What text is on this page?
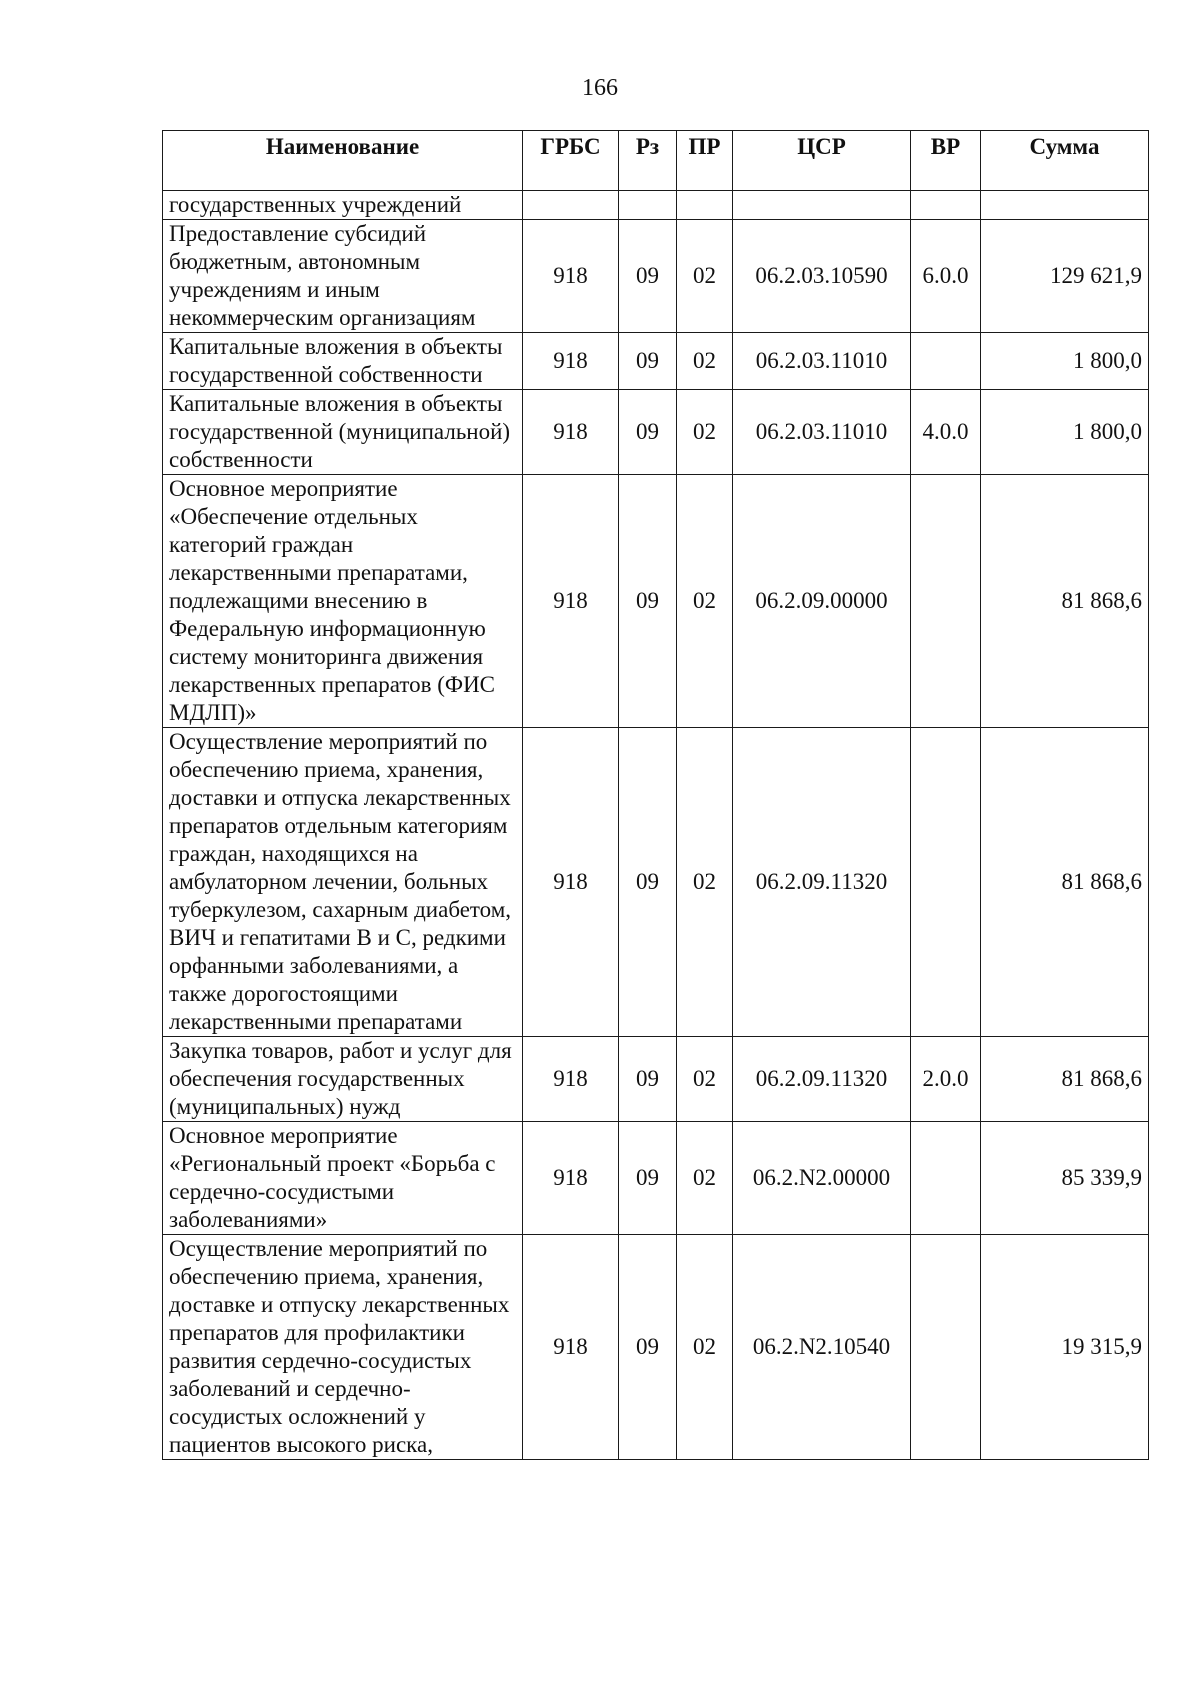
166
Наименование	ГРБС	Рз	ПР	ЦСР	ВР	Сумма
государственных учреждений						
Предоставление субсидий бюджетным, автономным учреждениям и иным некоммерческим организациям	918	09	02	06.2.03.10590	6.0.0	129 621,9
Капитальные вложения в объекты государственной собственности	918	09	02	06.2.03.11010		1 800,0
Капитальные вложения в объекты государственной (муниципальной) собственности	918	09	02	06.2.03.11010	4.0.0	1 800,0
Основное мероприятие «Обеспечение отдельных категорий граждан лекарственными препаратами, подлежащими внесению в Федеральную информационную систему мониторинга движения лекарственных препаратов (ФИС МДЛП)»	918	09	02	06.2.09.00000		81 868,6
Осуществление мероприятий по обеспечению приема, хранения, доставки и отпуска лекарственных препаратов отдельным категориям граждан, находящихся на амбулаторном лечении, больных туберкулезом, сахарным диабетом, ВИЧ и гепатитами В и С, редкими орфанными заболеваниями, а также дорогостоящими лекарственными препаратами	918	09	02	06.2.09.11320		81 868,6
Закупка товаров, работ и услуг для обеспечения государственных (муниципальных) нужд	918	09	02	06.2.09.11320	2.0.0	81 868,6
Основное мероприятие «Региональный проект «Борьба с сердечно-сосудистыми заболеваниями»	918	09	02	06.2.N2.00000		85 339,9
Осуществление мероприятий по обеспечению приема, хранения, доставке и отпуску лекарственных препаратов для профилактики развития сердечно-сосудистых заболеваний и сердечно-сосудистых осложнений у пациентов высокого риска,	918	09	02	06.2.N2.10540		19 315,9
